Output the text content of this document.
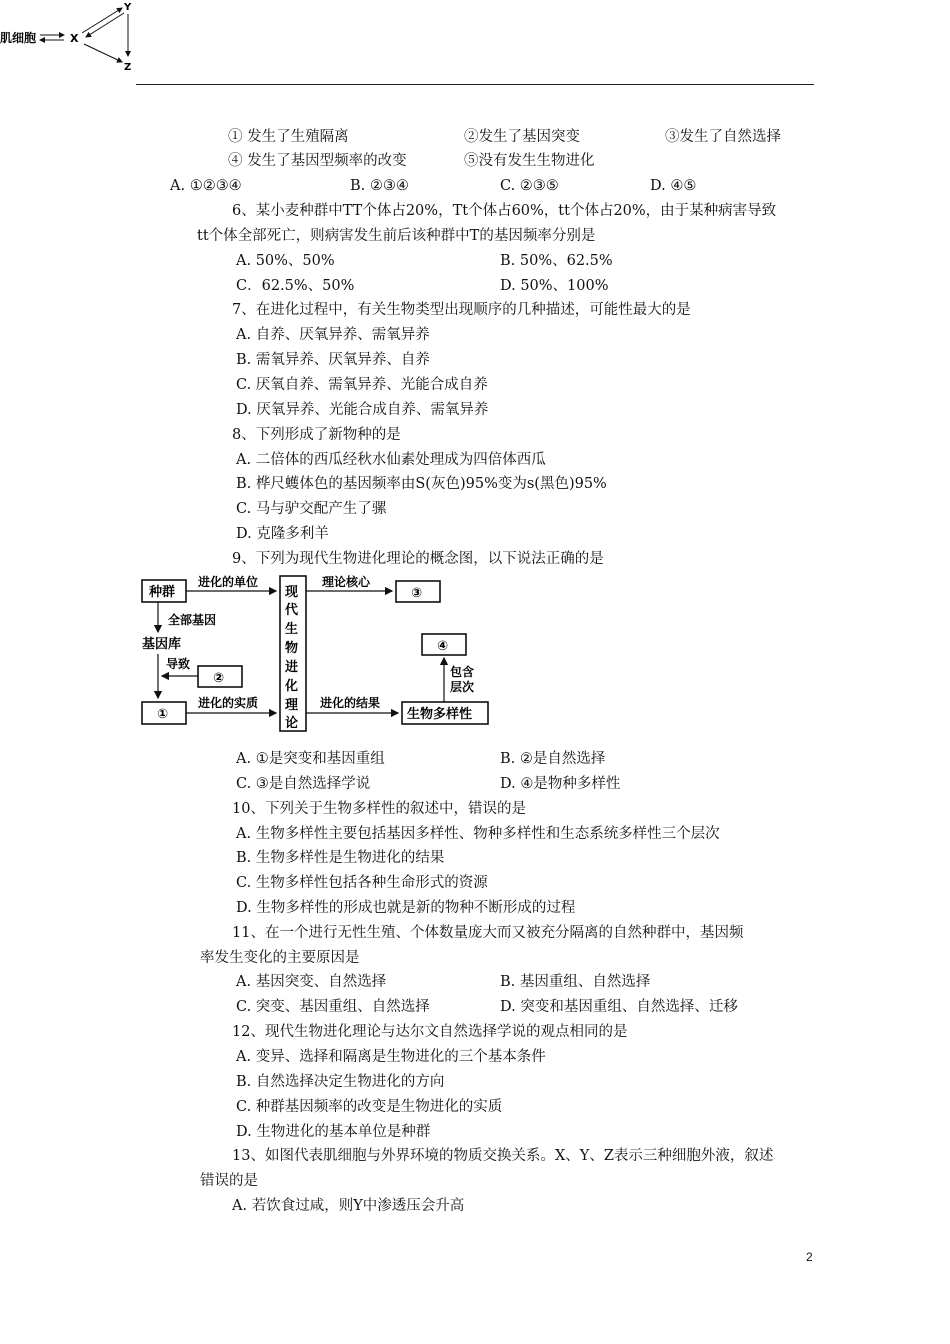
肌细胞	X
Y
Z
① 发生了生殖隔离	②发生了基因突变	③发生了自然选择
④ 发生了基因型频率的改变	⑤没有发生生物进化
A. ①②③④	B. ②③④	C. ②③⑤	D. ④⑤
6、某小麦种群中TT个体占20%，Tt个体占60%，tt个体占20%，由于某种病害导致
tt个体全部死亡，则病害发生前后该种群中T的基因频率分别是
A. 50%、50%	B. 50%、62.5%
C．62.5%、50%	D. 50%、100%
7、在进化过程中，有关生物类型出现顺序的几种描述，可能性最大的是
A. 自养、厌氧异养、需氧异养
B. 需氧异养、厌氧异养、自养
C. 厌氧自养、需氧异养、光能合成自养
D. 厌氧异养、光能合成自养、需氧异养
8、下列形成了新物种的是
A. 二倍体的西瓜经秋水仙素处理成为四倍体西瓜
B. 桦尺蠖体色的基因频率由S(灰色)95%变为s(黑色)95%
C. 马与驴交配产生了骡
D. 克隆多利羊
9、下列为现代生物进化理论的概念图，以下说法正确的是
种群
进化的单位
现
代
生
物
进
化
理
论
理论核心
③
全部基因
基因库
导致
②
①
进化的实质	进化的结果
生物多样性
包含
层次
④
A. ①是突变和基因重组	B. ②是自然选择
C. ③是自然选择学说	D. ④是物种多样性
10、下列关于生物多样性的叙述中，错误的是
A. 生物多样性主要包括基因多样性、物种多样性和生态系统多样性三个层次
B. 生物多样性是生物进化的结果
C. 生物多样性包括各种生命形式的资源
D. 生物多样性的形成也就是新的物种不断形成的过程
11、在一个进行无性生殖、个体数量庞大而又被充分隔离的自然种群中，基因频
率发生变化的主要原因是
A. 基因突变、自然选择	B. 基因重组、自然选择
C. 突变、基因重组、自然选择	D. 突变和基因重组、自然选择、迁移
12、现代生物进化理论与达尔文自然选择学说的观点相同的是
A. 变异、选择和隔离是生物进化的三个基本条件
B. 自然选择决定生物进化的方向
C. 种群基因频率的改变是生物进化的实质
D. 生物进化的基本单位是种群
13、如图代表肌细胞与外界环境的物质交换关系。X、Y、Z表示三种细胞外液，叙述
错误的是
A. 若饮食过咸，则Y中渗透压会升高
2
